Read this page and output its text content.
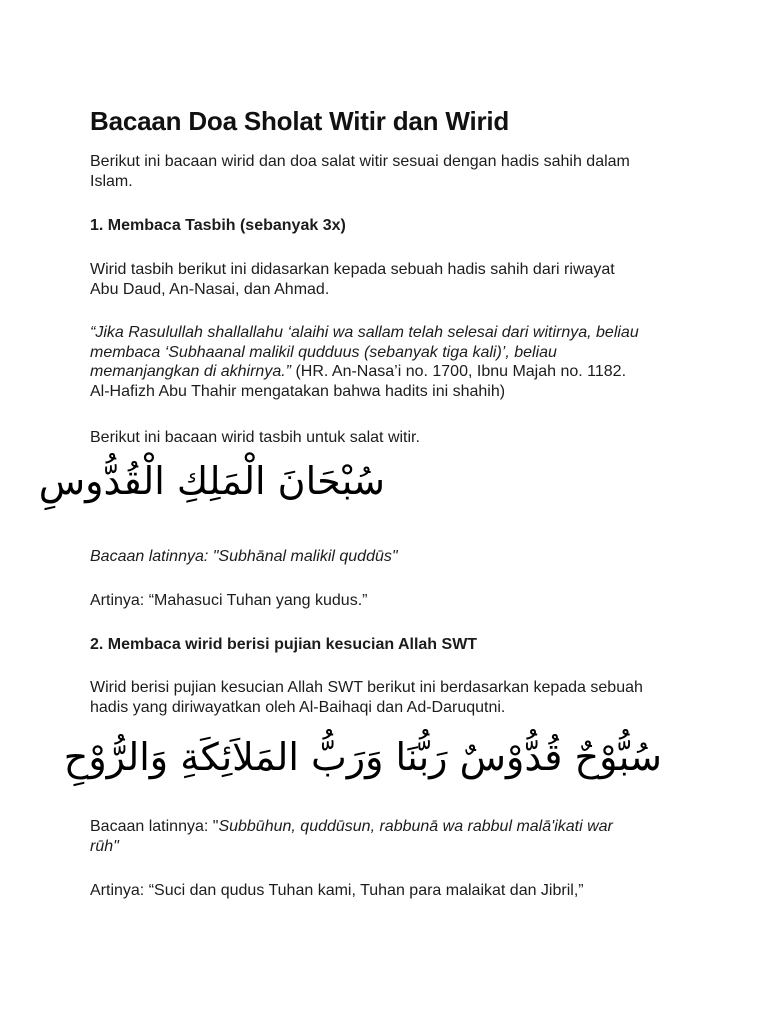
Bacaan Doa Sholat Witir dan Wirid

Berikut ini bacaan wirid dan doa salat witir sesuai dengan hadis sahih dalam
Islam.

1. Membaca Tasbih (sebanyak 3x)

Wirid tasbih berikut ini didasarkan kepada sebuah hadis sahih dari riwayat
Abu Daud, An-Nasai, dan Ahmad.

“Jika Rasulullah shallallahu ‘alaihi wa sallam telah selesai dari witirnya, beliau
membaca ‘Subhaanal malikil qudduus (sebanyak tiga kali)’, beliau
memanjangkan di akhirnya.” (HR. An-Nasa’i no. 1700, Ibnu Majah no. 1182.
Al-Hafizh Abu Thahir mengatakan bahwa hadits ini shahih)

Berikut ini bacaan wirid tasbih untuk salat witir.

سُبْحَانَ الْمَلِكِ الْقُدُّوسِ

Bacaan latinnya: "Subhānal malikil quddūs"

Artinya: “Mahasuci Tuhan yang kudus.”

2. Membaca wirid berisi pujian kesucian Allah SWT

Wirid berisi pujian kesucian Allah SWT berikut ini berdasarkan kepada sebuah
hadis yang diriwayatkan oleh Al-Baihaqi dan Ad-Daruqutni.

سُبُّوْحٌ قُدُّوْسٌ رَبُّنَا وَرَبُّ المَلاَئِكَةِ وَالرُّوْحِ

Bacaan latinnya: "Subbūhun, quddūsun, rabbunā wa rabbul malā'ikati war
rūh"

Artinya: “Suci dan qudus Tuhan kami, Tuhan para malaikat dan Jibril,”
